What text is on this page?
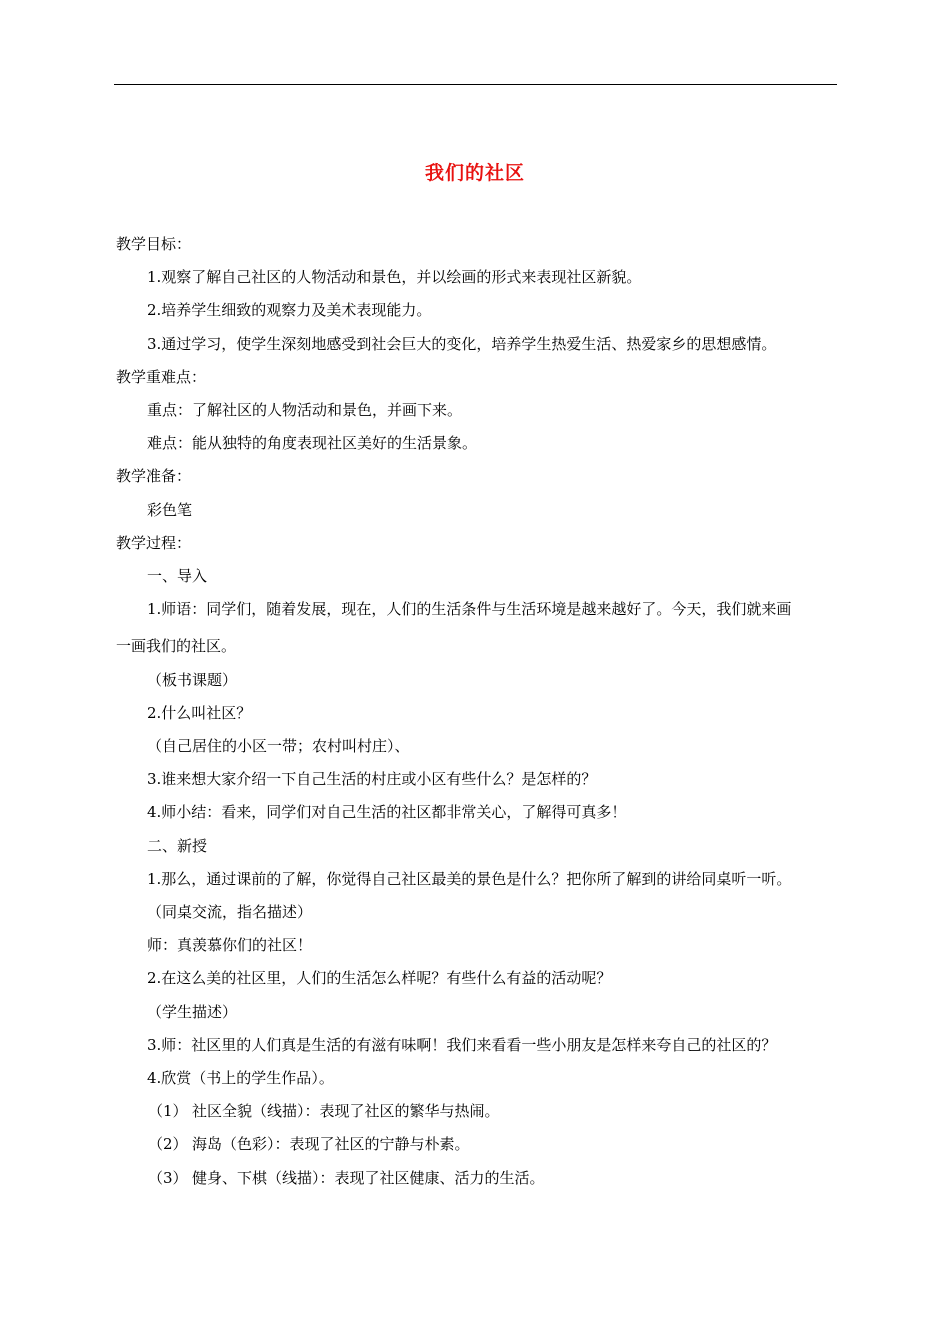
我们的社区
教学目标：
1.观察了解自己社区的人物活动和景色，并以绘画的形式来表现社区新貌。
2.培养学生细致的观察力及美术表现能力。
3.通过学习，使学生深刻地感受到社会巨大的变化，培养学生热爱生活、热爱家乡的思想感情。
教学重难点：
重点：了解社区的人物活动和景色，并画下来。
难点：能从独特的角度表现社区美好的生活景象。
教学准备：
彩色笔
教学过程：
一、导入
1.师语：同学们，随着发展，现在，人们的生活条件与生活环境是越来越好了。今天，我们就来画
一画我们的社区。
（板书课题）
2.什么叫社区？
（自己居住的小区一带；农村叫村庄）、
3.谁来想大家介绍一下自己生活的村庄或小区有些什么？是怎样的？
4.师小结：看来，同学们对自己生活的社区都非常关心，了解得可真多！
二、新授
1.那么，通过课前的了解，你觉得自己社区最美的景色是什么？把你所了解到的讲给同桌听一听。
（同桌交流，指名描述）
师：真羡慕你们的社区！
2.在这么美的社区里，人们的生活怎么样呢？有些什么有益的活动呢？
（学生描述）
3.师：社区里的人们真是生活的有滋有味啊！我们来看看一些小朋友是怎样来夸自己的社区的？
4.欣赏（书上的学生作品）。
（1） 社区全貌（线描）：表现了社区的繁华与热闹。
（2） 海岛（色彩）：表现了社区的宁静与朴素。
（3） 健身、下棋（线描）：表现了社区健康、活力的生活。
